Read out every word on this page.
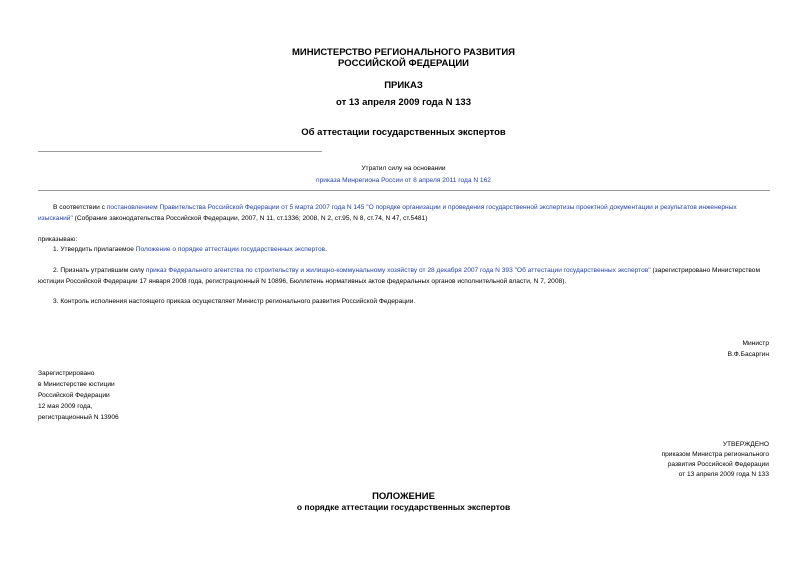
МИНИСТЕРСТВО РЕГИОНАЛЬНОГО РАЗВИТИЯ
РОССИЙСКОЙ ФЕДЕРАЦИИ
ПРИКАЗ
от 13 апреля 2009 года N 133
Об аттестации государственных экспертов
Утратил силу на основании
приказа Минрегиона России от 8 апреля 2011 года N 162
В соответствии с постановлением Правительства Российской Федерации от 5 марта 2007 года N 145 "О порядке организации и проведения государственной экспертизы проектной документации и результатов инженерных изысканий" (Собрание законодательства Российской Федерации, 2007, N 11, ст.1336; 2008, N 2, ст.95, N 8, ст.74, N 47, ст.5481)
приказываю:
1. Утвердить прилагаемое Положение о порядке аттестации государственных экспертов.
2. Признать утратившим силу приказ Федерального агентства по строительству и жилищно-коммунальному хозяйству от 28 декабря 2007 года N 393 "Об аттестации государственных экспертов" (зарегистрировано Министерством юстиции Российской Федерации 17 января 2008 года, регистрационный N 10896, Бюллетень нормативных актов федеральных органов исполнительной власти, N 7, 2008).
3. Контроль исполнения настоящего приказа осуществляет Министр регионального развития Российской Федерации.
Министр
В.Ф.Басаргин
Зарегистрировано
в Министерстве юстиции
Российской Федерации
12 мая 2009 года,
регистрационный N 13906
УТВЕРЖДЕНО
приказом Министра регионального
развития Российской Федерации
от 13 апреля 2009 года N 133
ПОЛОЖЕНИЕ
о порядке аттестации государственных экспертов
